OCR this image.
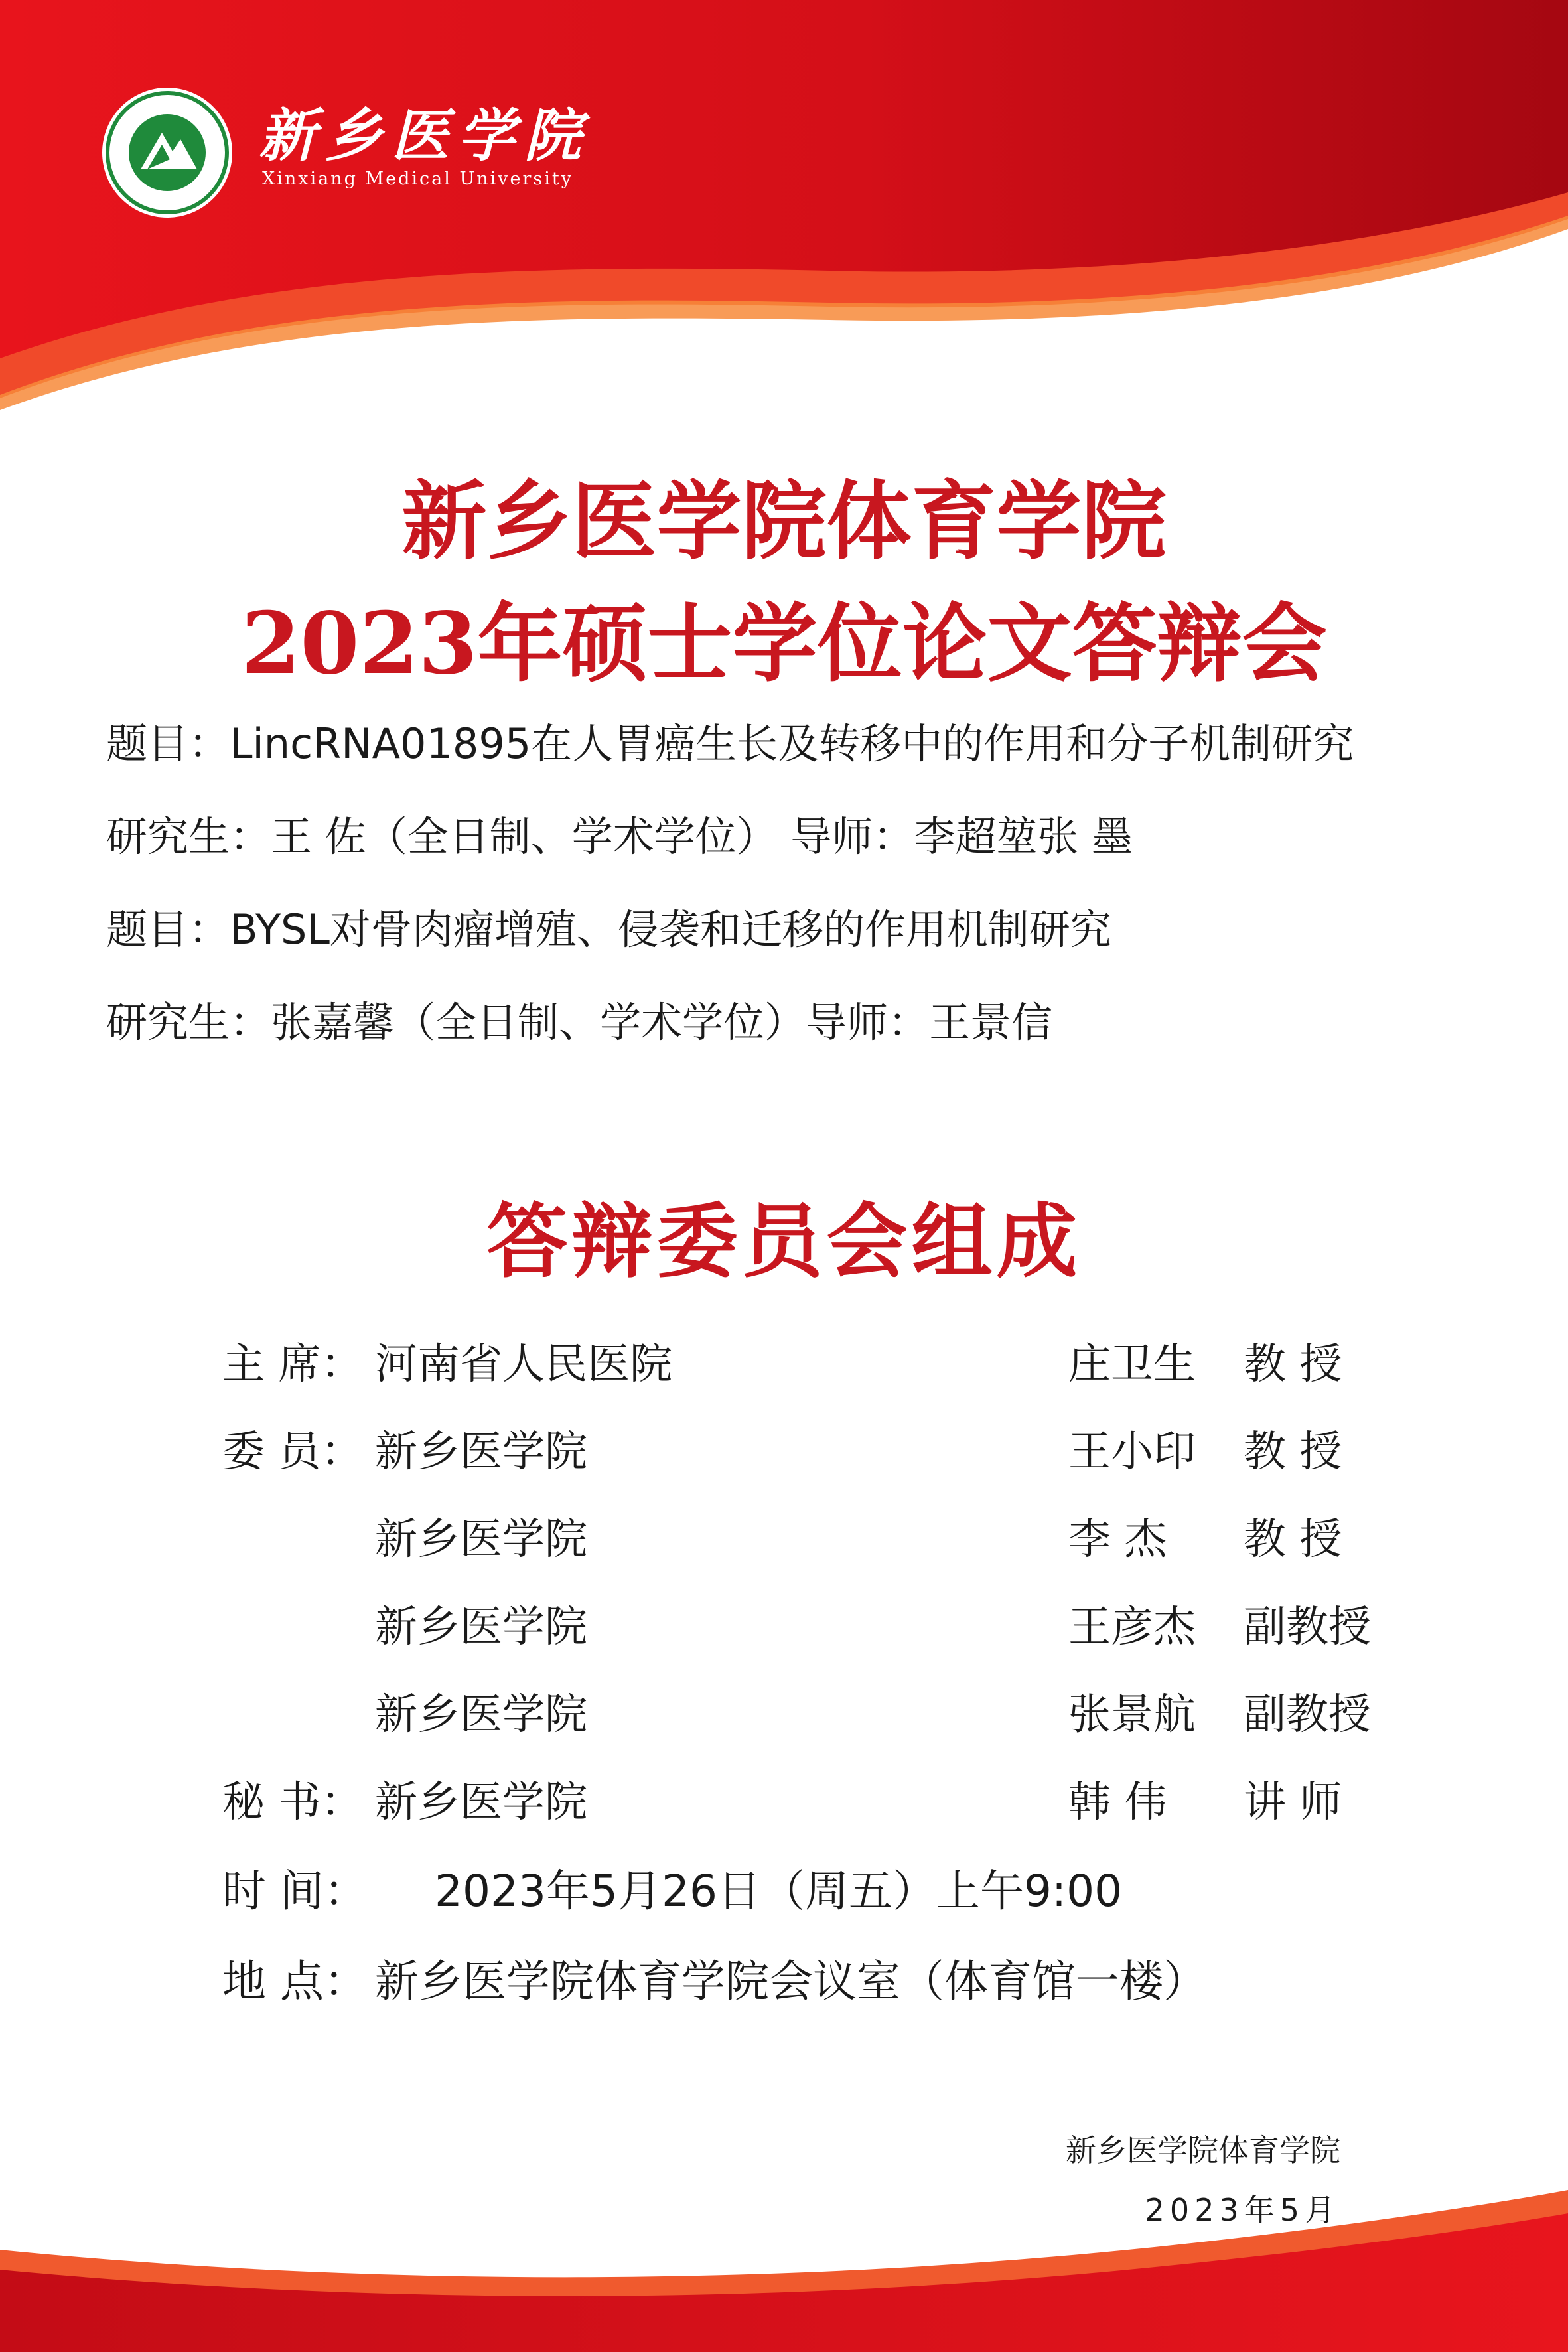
新乡医学院
Xinxiang Medical University
新乡医学院体育学院
2023年硕士学位论文答辩会
题目：LincRNA01895在人胃癌生长及转移中的作用和分子机制研究
研究生：王 佐（全日制、学术学位） 导师：李超堃张 墨
题目：BYSL对骨肉瘤增殖、侵袭和迁移的作用机制研究
研究生：张嘉馨（全日制、学术学位）导师：王景信
答辩委员会组成
主 席： 河南省人民医院	庄卫生	教 授
委 员： 新乡医学院	王小印	教 授
新乡医学院	李 杰	教 授
新乡医学院	王彦杰	副教授
新乡医学院	张景航	副教授
秘 书： 新乡医学院	韩 伟	讲 师
时 间： 2023年5月26日（周五）上午9:00
地 点： 新乡医学院体育学院会议室（体育馆一楼）
新乡医学院体育学院
2023年5月
